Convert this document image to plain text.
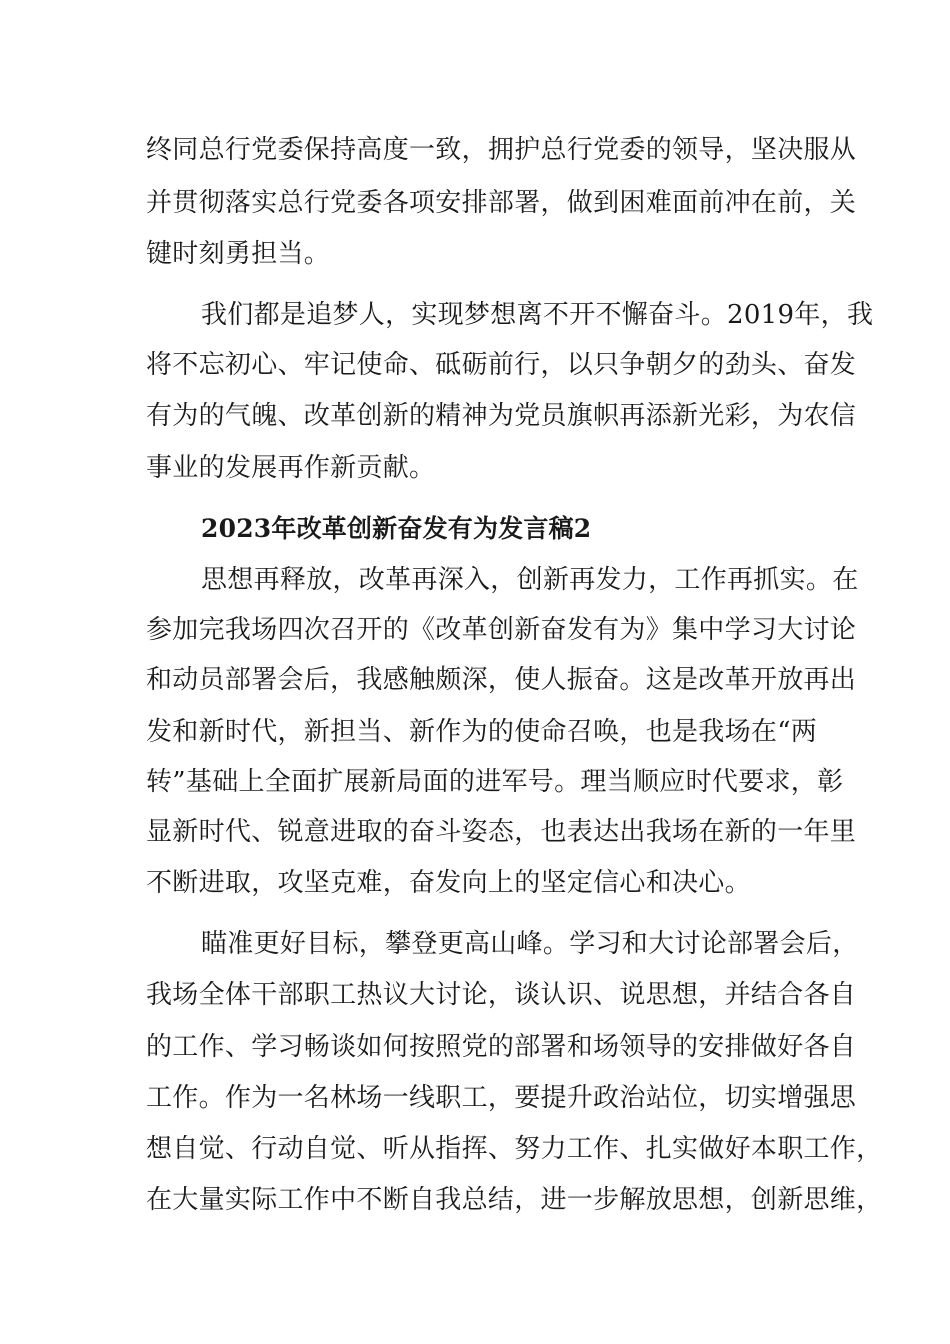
终同总行党委保持高度一致，拥护总行党委的领导，坚决服从
并贯彻落实总行党委各项安排部署，做到困难面前冲在前，关
键时刻勇担当。
我们都是追梦人，实现梦想离不开不懈奋斗。2019年，我
将不忘初心、牢记使命、砥砺前行，以只争朝夕的劲头、奋发
有为的气魄、改革创新的精神为党员旗帜再添新光彩，为农信
事业的发展再作新贡献。
2023年改革创新奋发有为发言稿2
思想再释放，改革再深入，创新再发力，工作再抓实。在
参加完我场四次召开的《改革创新奋发有为》集中学习大讨论
和动员部署会后，我感触颇深，使人振奋。这是改革开放再出
发和新时代，新担当、新作为的使命召唤，也是我场在“两
转”基础上全面扩展新局面的进军号。理当顺应时代要求，彰
显新时代、锐意进取的奋斗姿态，也表达出我场在新的一年里
不断进取，攻坚克难，奋发向上的坚定信心和决心。
瞄准更好目标，攀登更高山峰。学习和大讨论部署会后，
我场全体干部职工热议大讨论，谈认识、说思想，并结合各自
的工作、学习畅谈如何按照党的部署和场领导的安排做好各自
工作。作为一名林场一线职工，要提升政治站位，切实增强思
想自觉、行动自觉、听从指挥、努力工作、扎实做好本职工作，
在大量实际工作中不断自我总结，进一步解放思想，创新思维，
